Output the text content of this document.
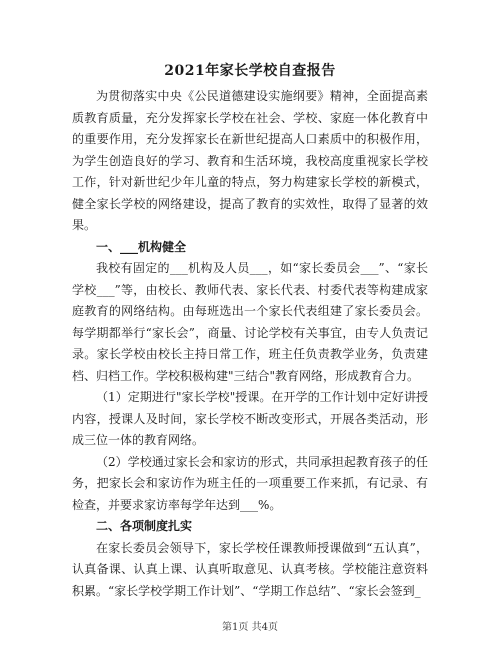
2021年家长学校自查报告

为贯彻落实中央《公民道德建设实施纲要》精神，全面提高素质教育质量，充分发挥家长学校在社会、学校、家庭一体化教育中的重要作用，充分发挥家长在新世纪提高人口素质中的积极作用，为学生创造良好的学习、教育和生活环境，我校高度重视家长学校工作，针对新世纪少年儿童的特点，努力构建家长学校的新模式，健全家长学校的网络建设，提高了教育的实效性，取得了显著的效果。

一、___机构健全

我校有固定的___机构及人员___，如“家长委员会___”、“家长学校___”等，由校长、教师代表、家长代表、村委代表等构建成家庭教育的网络结构。由每班选出一个家长代表组建了家长委员会。每学期都举行“家长会”，商量、讨论学校有关事宜，由专人负责记录。家长学校由校长主持日常工作，班主任负责教学业务，负责建档、归档工作。学校积极构建"三结合"教育网络，形成教育合力。

（1）定期进行"家长学校"授课。在开学的工作计划中定好讲授内容，授课人及时间，家长学校不断改变形式，开展各类活动，形成三位一体的教育网络。

（2）学校通过家长会和家访的形式，共同承担起教育孩子的任务，把家长会和家访作为班主任的一项重要工作来抓，有记录、有检查，并要求家访率每学年达到___%。

二、各项制度扎实

在家长委员会领导下，家长学校任课教师授课做到“五认真”，认真备课、认真上课、认真听取意见、认真考核。学校能注意资料积累。“家长学校学期工作计划”、“学期工作总结”、“家长会签到_

第1页 共4页
